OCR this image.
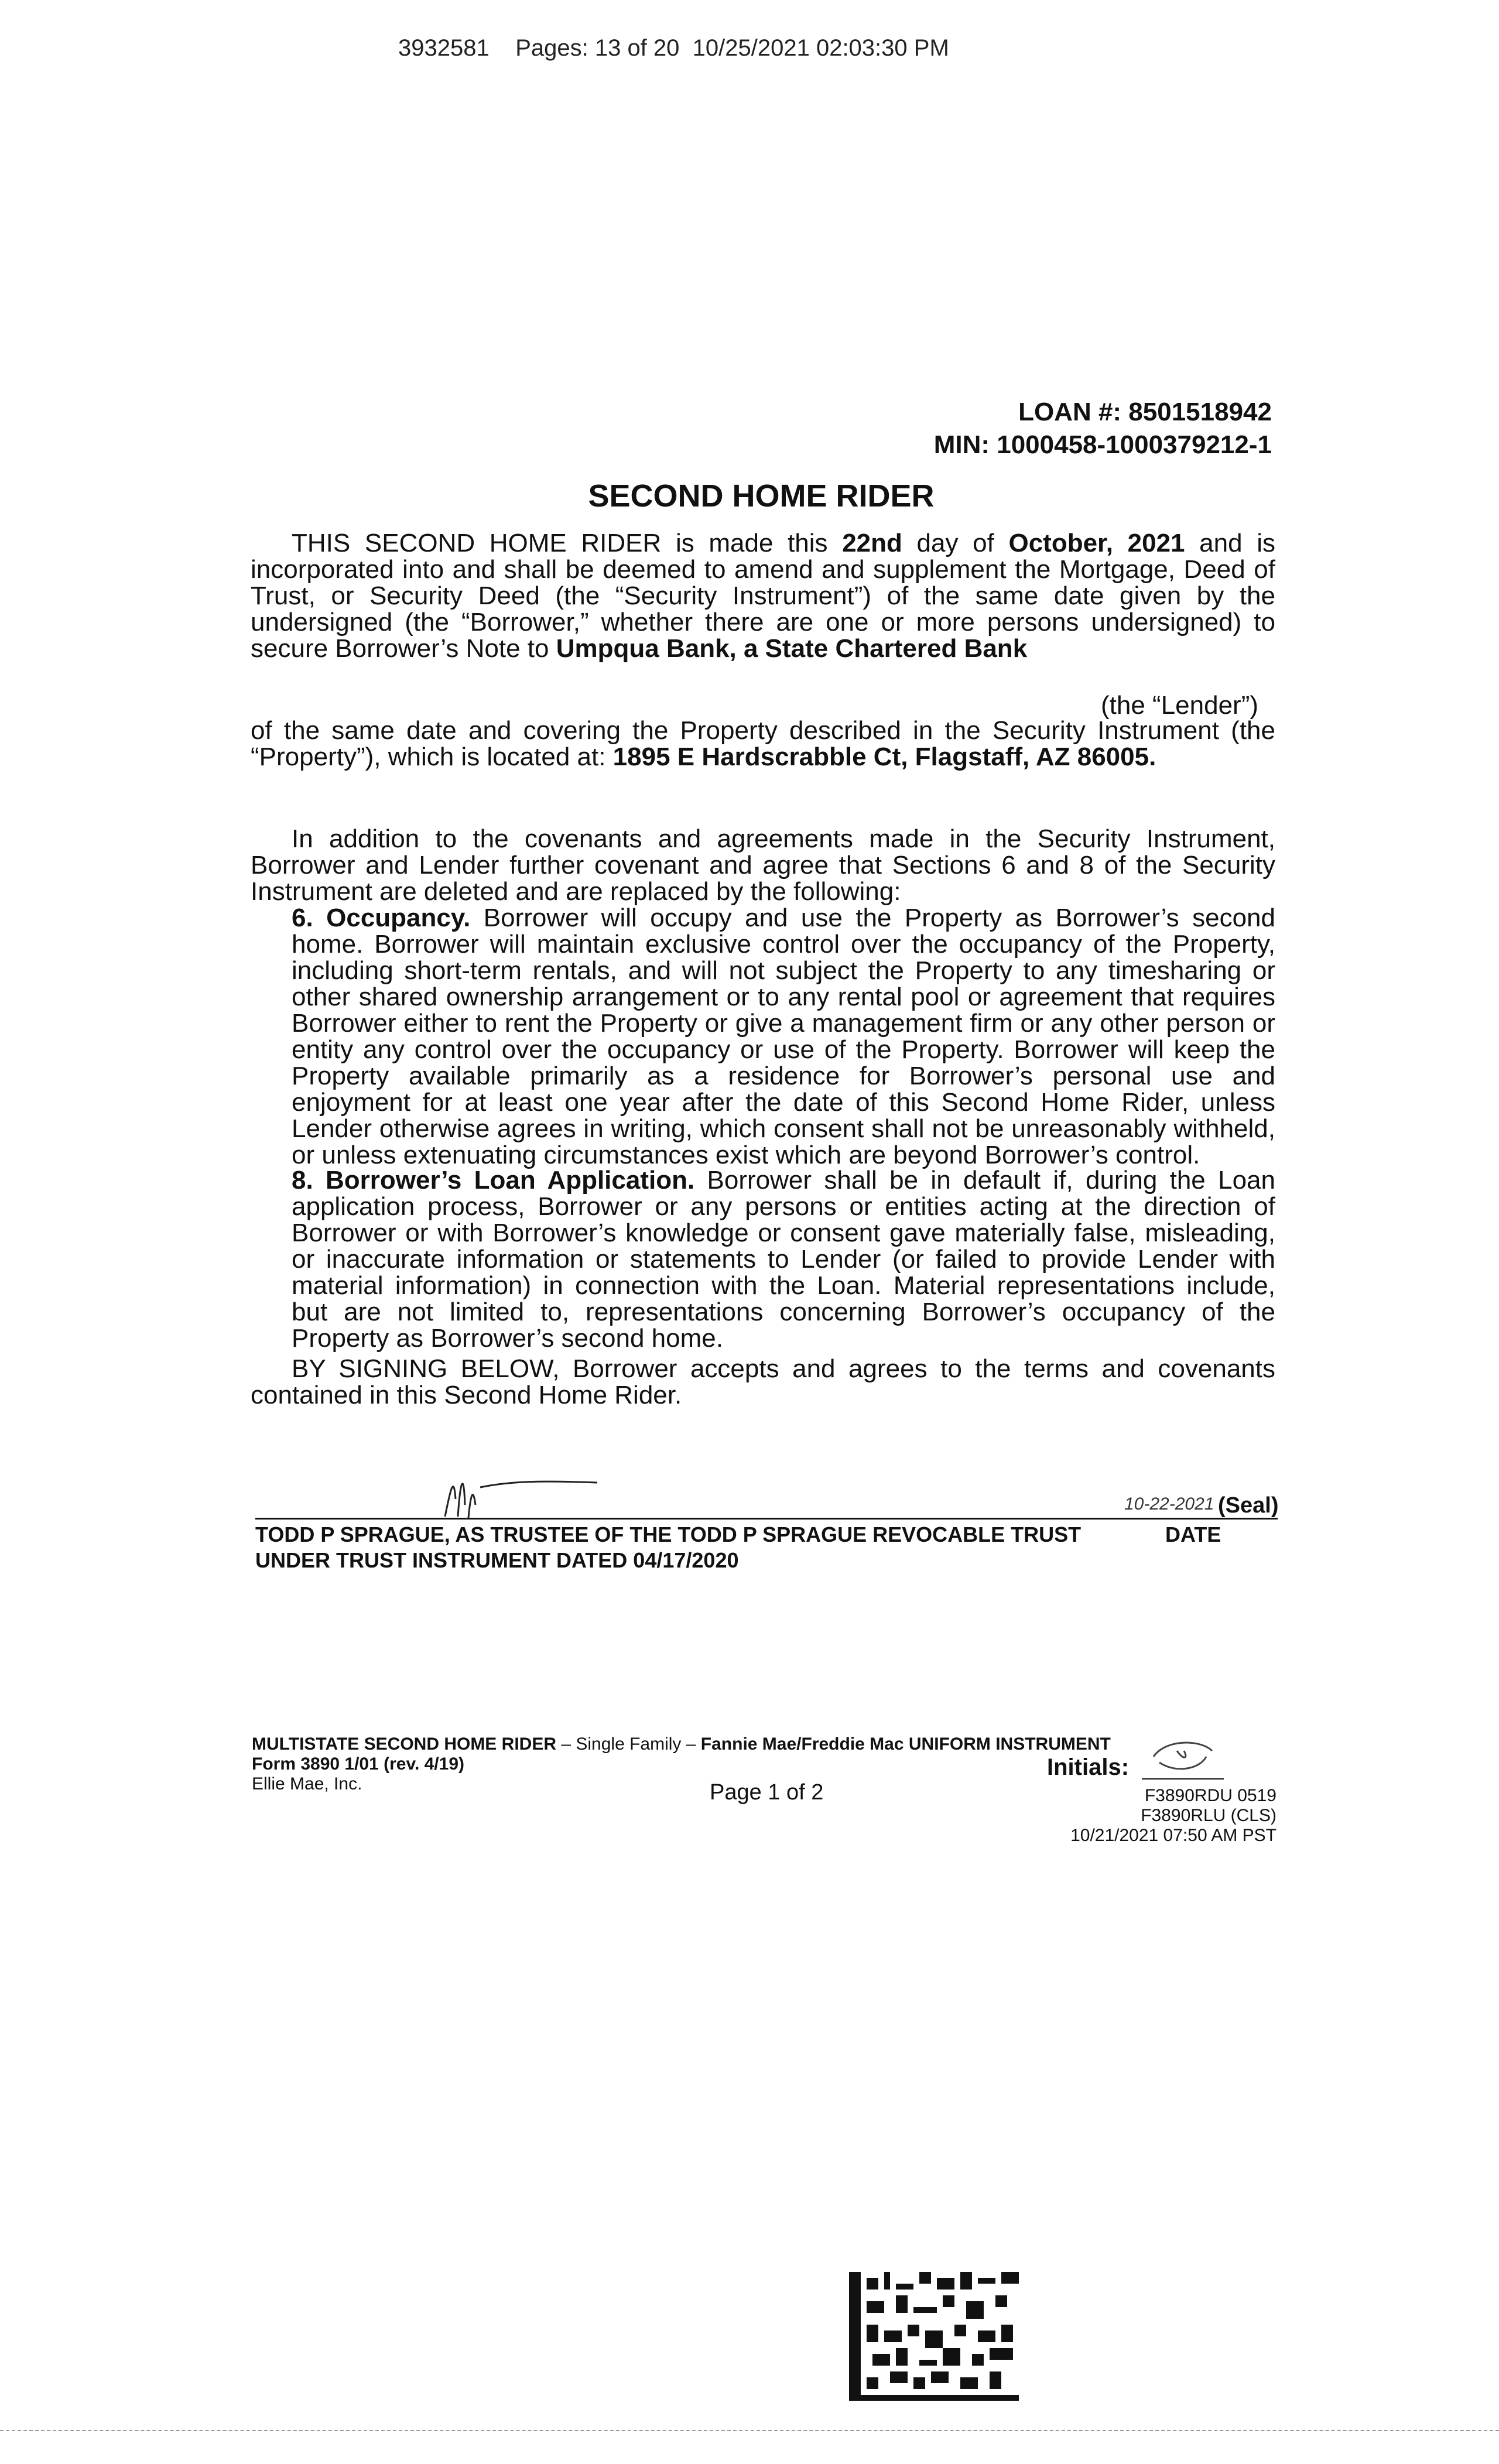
3932581 Pages: 13 of 20 10/25/2021 02:03:30 PM
LOAN #: 8501518942
MIN: 1000458-1000379212-1
SECOND HOME RIDER
THIS SECOND HOME RIDER is made this 22nd day of October, 2021 and is incorporated into and shall be deemed to amend and supplement the Mortgage, Deed of Trust, or Security Deed (the “Security Instrument”) of the same date given by the undersigned (the “Borrower,” whether there are one or more persons undersigned) to secure Borrower’s Note to Umpqua Bank, a State Chartered Bank
(the “Lender”)
of the same date and covering the Property described in the Security Instrument (the “Property”), which is located at: 1895 E Hardscrabble Ct, Flagstaff, AZ 86005.
In addition to the covenants and agreements made in the Security Instrument, Borrower and Lender further covenant and agree that Sections 6 and 8 of the Security Instrument are deleted and are replaced by the following:
6. Occupancy. Borrower will occupy and use the Property as Borrower’s second home. Borrower will maintain exclusive control over the occupancy of the Property, including short-term rentals, and will not subject the Property to any timesharing or other shared ownership arrangement or to any rental pool or agreement that requires Borrower either to rent the Property or give a management firm or any other person or entity any control over the occupancy or use of the Property. Borrower will keep the Property available primarily as a residence for Borrower’s personal use and enjoyment for at least one year after the date of this Second Home Rider, unless Lender otherwise agrees in writing, which consent shall not be unreasonably withheld, or unless extenuating circumstances exist which are beyond Borrower’s control.
8. Borrower’s Loan Application. Borrower shall be in default if, during the Loan application process, Borrower or any persons or entities acting at the direction of Borrower or with Borrower’s knowledge or consent gave materially false, misleading, or inaccurate information or statements to Lender (or failed to provide Lender with material information) in connection with the Loan. Material representations include, but are not limited to, representations concerning Borrower’s occupancy of the Property as Borrower’s second home.
BY SIGNING BELOW, Borrower accepts and agrees to the terms and covenants contained in this Second Home Rider.
10-22-2021 (Seal)
TODD P SPRAGUE, AS TRUSTEE OF THE TODD P SPRAGUE REVOCABLE TRUST	DATE
UNDER TRUST INSTRUMENT DATED 04/17/2020
MULTISTATE SECOND HOME RIDER – Single Family – Fannie Mae/Freddie Mac UNIFORM INSTRUMENT
Form 3890 1/01 (rev. 4/19)
Ellie Mae, Inc.	Page 1 of 2
Initials:
F3890RDU 0519
F3890RLU (CLS)
10/21/2021 07:50 AM PST
